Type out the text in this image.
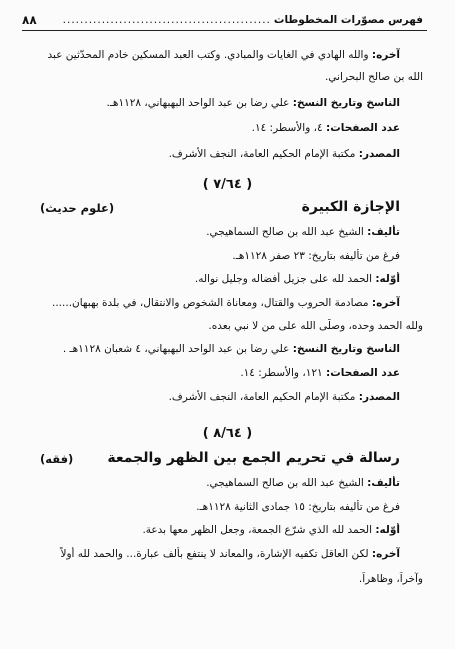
فهرس مصوّرات المخطوطات
................................................
٨٨
آخره: والله الهادي في الغايات والمبادي. وكتب العبد المسكين خادم المحدّثين عبد
الله بن صالح البحراني.
الناسخ وتاريخ النسخ: علي رضا بن عبد الواحد البهبهاني، ١١٢٨هـ.
عدد الصفحات: ٤، والأسطر: ١٤.
المصدر: مكتبة الإمام الحكيم العامة، النجف الأشرف.
( ٧/٦٤ )
الإجازة الكبيرة
(علوم حديث)
تأليف: الشيخ عبد الله بن صالح السماهيجي.
فرغ من تأليفه بتاريخ: ٢٣ صفر ١١٢٨هـ.
أوّله: الحمد لله على جزيل أفضاله وجليل نواله.
آخره: مصادمة الحروب والقتال، ومعاناة الشخوص والانتقال، في بلدة بهبهان......
ولله الحمد وحده، وصلّى الله على من لا نبي بعده.
الناسخ وتاريخ النسخ: علي رضا بن عبد الواحد البهبهاني، ٤ شعبان ١١٢٨هـ .
عدد الصفحات: ١٢١، والأسطر: ١٤.
المصدر: مكتبة الإمام الحكيم العامة، النجف الأشرف.
( ٨/٦٤ )
رسالة في تحريم الجمع بين الظهر والجمعة
(فقه)
تأليف: الشيخ عبد الله بن صالح السماهيجي.
فرغ من تأليفه بتاريخ: ١٥ جمادى الثانية ١١٢٨هـ.
أوّله: الحمد لله الذي شرّع الجمعة، وجعل الظهر معها بدعة.
آخره: لكن العاقل تكفيه الإشارة، والمعاند لا ينتفع بألف عبارة... والحمد لله أولاً
وآخراً، وظاهراً.
